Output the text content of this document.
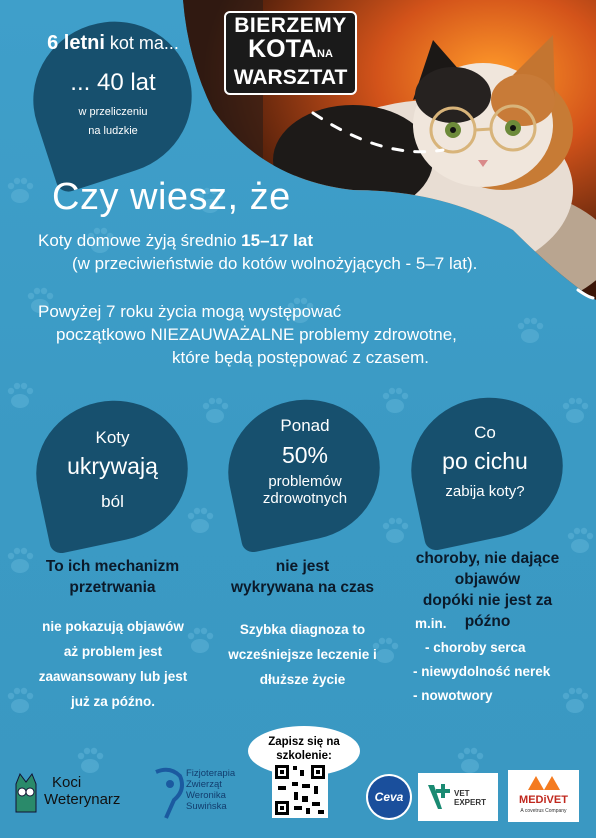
BIERZEMY
KOTANA
WARSZTAT
6 letni kot ma...
... 40 lat
w przeliczeniu
na ludzkie
Czy wiesz, że
Koty domowe żyją średnio 15–17 lat
(w przeciwieństwie do kotów wolnożyjących - 5–7 lat).
Powyżej 7 roku życia mogą występować
początkowo NIEZAUWAŻALNE problemy zdrowotne,
które będą postępować z czasem.
Koty
ukrywają
ból
To ich mechanizm przetrwania
nie pokazują objawów
aż problem jest
zaawansowany lub jest
już za późno.
Ponad
50%
problemów
zdrowotnych
nie jest
wykrywana na czas
Szybka diagnoza to
wcześniejsze leczenie i
dłuższe życie
Co
po cichu
zabija koty?
choroby, nie dające
objawów
dopóki nie jest za późno
m.in.
- choroby serca
- niewydolność nerek
- nowotwory
Zapisz się na szkolenie:
Koci
Weterynarz
Fizjoterapia
Zwierząt
Weronika
Suwińska
Ceva	VET
EXPERT	MEDiVET
A covetrus Company
